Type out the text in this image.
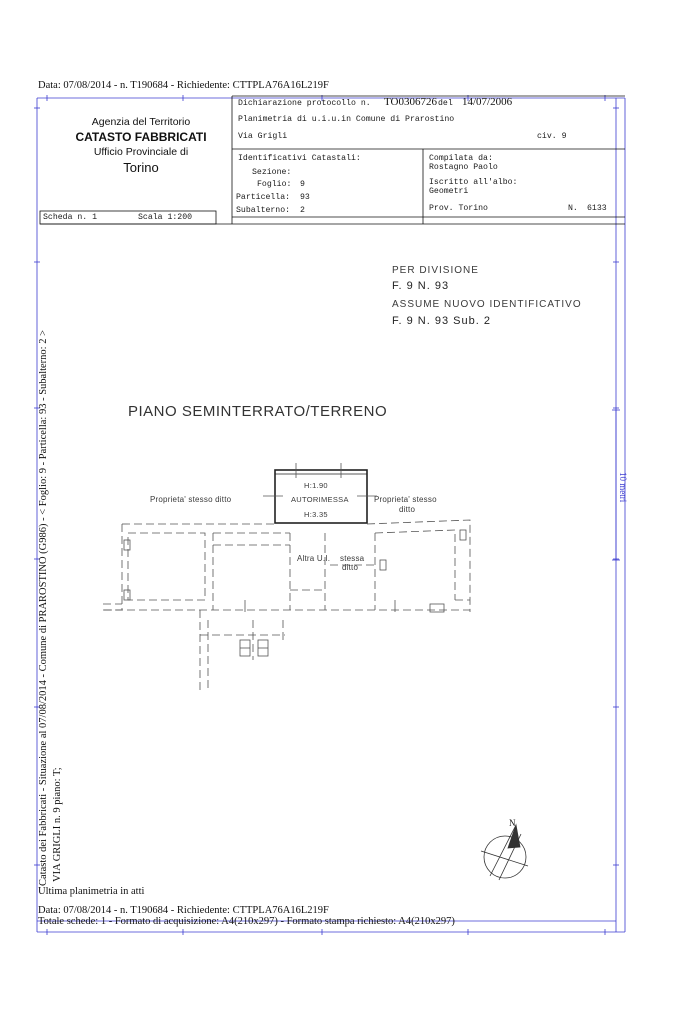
Data: 07/08/2014 - n. T190684 - Richiedente: CTTPLA76A16L219F
Agenzia del Territorio
CATASTO FABBRICATI
Ufficio Provinciale di
Torino
Dichiarazione protocollo n. TO0306726 del 14/07/2006
Planimetria di u.i.u.in Comune di Prarostino
Via Grigli	civ. 9
Identificativi Catastali:
Sezione:
Foglio: 9
Particella: 93
Subalterno: 2
Compilata da:
Rostagno Paolo
Iscritto all'albo:
Geometri
Prov. Torino	N. 6133
Scheda n. 1	Scala 1:200
PER DIVISIONE
F. 9 N. 93
ASSUME NUOVO IDENTIFICATIVO
F. 9 N. 93 Sub. 2
PIANO SEMINTERRATO/TERRENO
H:1.90
AUTORIMESSA
H:3.35
Proprieta' stesso ditto	Proprieta' stesso
ditto
Altra U.I. stessa
ditto
N
10 metri
Catasto dei Fabbricati - Situazione al 07/08/2014 - Comune di PRAROSTINO (G986) - < Foglio: 9 - Particella: 93 - Subalterno: 2 > VIA GRIGLI n. 9 piano: T;
Ultima planimetria in atti
Data: 07/08/2014 - n. T190684 - Richiedente: CTTPLA76A16L219F
Totale schede: 1 - Formato di acquisizione: A4(210x297) - Formato stampa richiesto: A4(210x297)
